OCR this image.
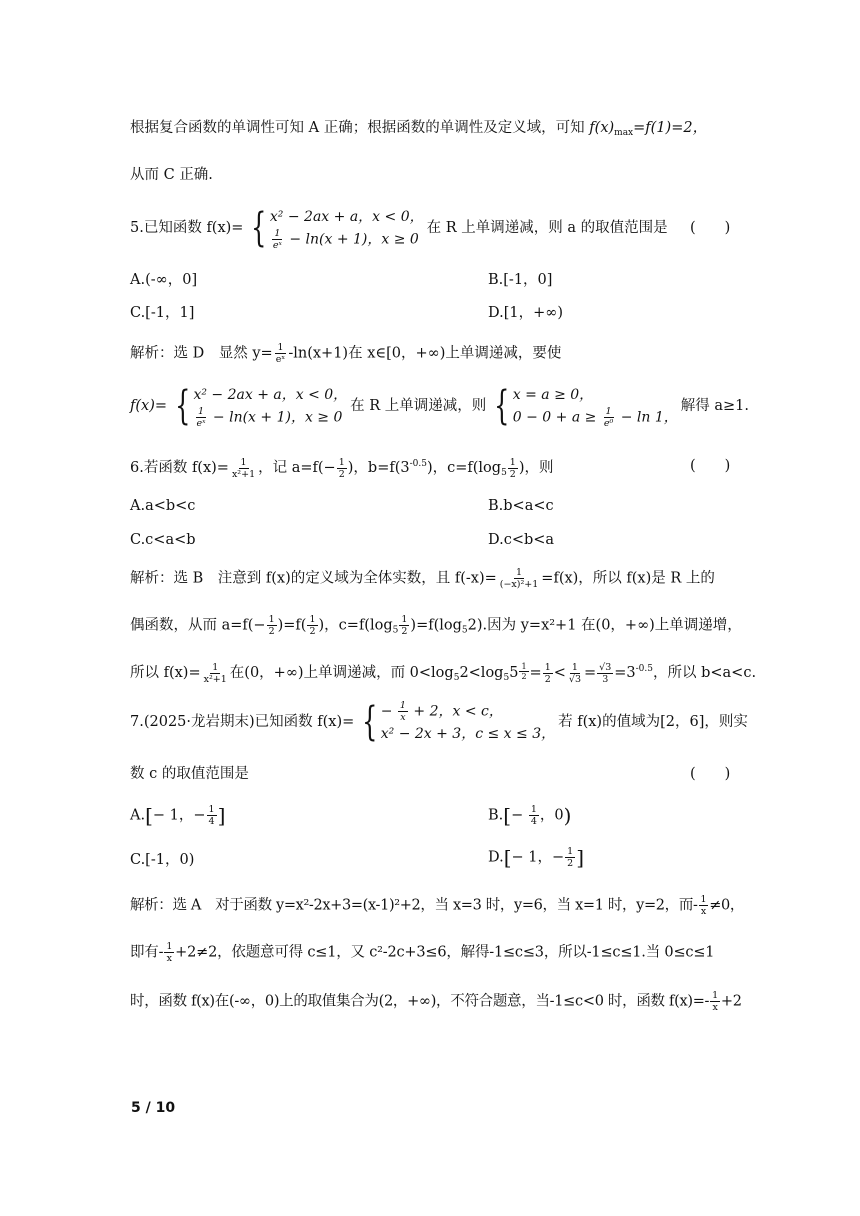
根据复合函数的单调性可知 A 正确；根据函数的单调性及定义域，可知 $f(x)_{max}=f(1)=2$，
从而 C 正确.
5.已知函数 f(x)= { x² − 2ax + a，x < 0，
$\frac{1}{\text{eˣ}} - \ln(x + 1)$，x ≥ 0
在 R 上单调递减，则 a 的取值范围是 (　　)
A.(-∞，0]	B.[-1，0]
C.[-1，1]	D.[1，+∞)
解析：选 D　显然 $y= \frac{1}{\text{eˣ}} -\ln(x+1)$在 x∈[0，+∞)上单调递减，要使
f(x)= { x² − 2ax + a，x < 0，
$\frac{1}{\text{eˣ}} - \ln(x + 1)$，x ≥ 0
在 R 上单调递减，则 { x = a ≥ 0，
$0 - 0 + a \ge \frac{1}{\text{e⁰}} - \ln 1$，
解得 a≥1.
6.若函数 $f(x)= \frac{1}{\text{x²+1}}$ ，记 $a=f(- \frac{1}{2}$ )，$b=f(3^{-0.5})$，$c=f(\log_5 \frac{1}{2}$ )，则	(　　)
A.a<b<c	B.b<a<c
C.c<a<b	D.c<b<a
解析：选 B　注意到 f(x)的定义域为全体实数，且 $f(-x)= \frac{1}{\text{(−x)²+1}} =f(x)$，所以 f(x)是 R 上的
偶函数，从而 $a=f(- \frac{1}{2} )=f( \frac{1}{2}$ )，$c=f(\log_5 \frac{1}{2} )=f(\log_52)$.因为 y=x²+1 在(0，+∞)上单调递增，
所以 $f(x)= \frac{1}{\text{x²+1}}$ 在(0，+∞)上单调递减，而 $0<\log_52<\log_55 \frac{1}{2} = \frac{1}{2} < \frac{1}{√3} = \frac{√3}{3} =3^{-0.5}$，所以 b<a<c.
7.(2025·龙岩期末)已知函数 f(x)= { − $\frac{1}{x} + 2$，x < c，
x² − 2x + 3，c ≤ x ≤ 3，
若 f(x)的值域为[2，6]，则实
数 c 的取值范围是	(　　)
A.[− 1，− $\frac{1}{4}$ ]	$B.[- \frac{1}{4}$ ，0)
C.[-1，0)	D.[− 1，− $\frac{1}{2}$ ]
解析：选 A　对于函数 y=x²-2x+3=(x-1)²+2，当 x=3 时，y=6，当 x=1 时，y=2，而- $\frac{1}{x} \ne 0$，
即有- $\frac{1}{x} +2\ne 2$，依题意可得 c≤1，又 c²-2c+3≤6，解得-1≤c≤3，所以-1≤c≤1.当 0≤c≤1
时，函数 f(x)在(-∞，0)上的取值集合为(2，+∞)，不符合题意，当-1≤c<0 时，函数 $f(x)=- \frac{1}{x} +2$
5 / 10
